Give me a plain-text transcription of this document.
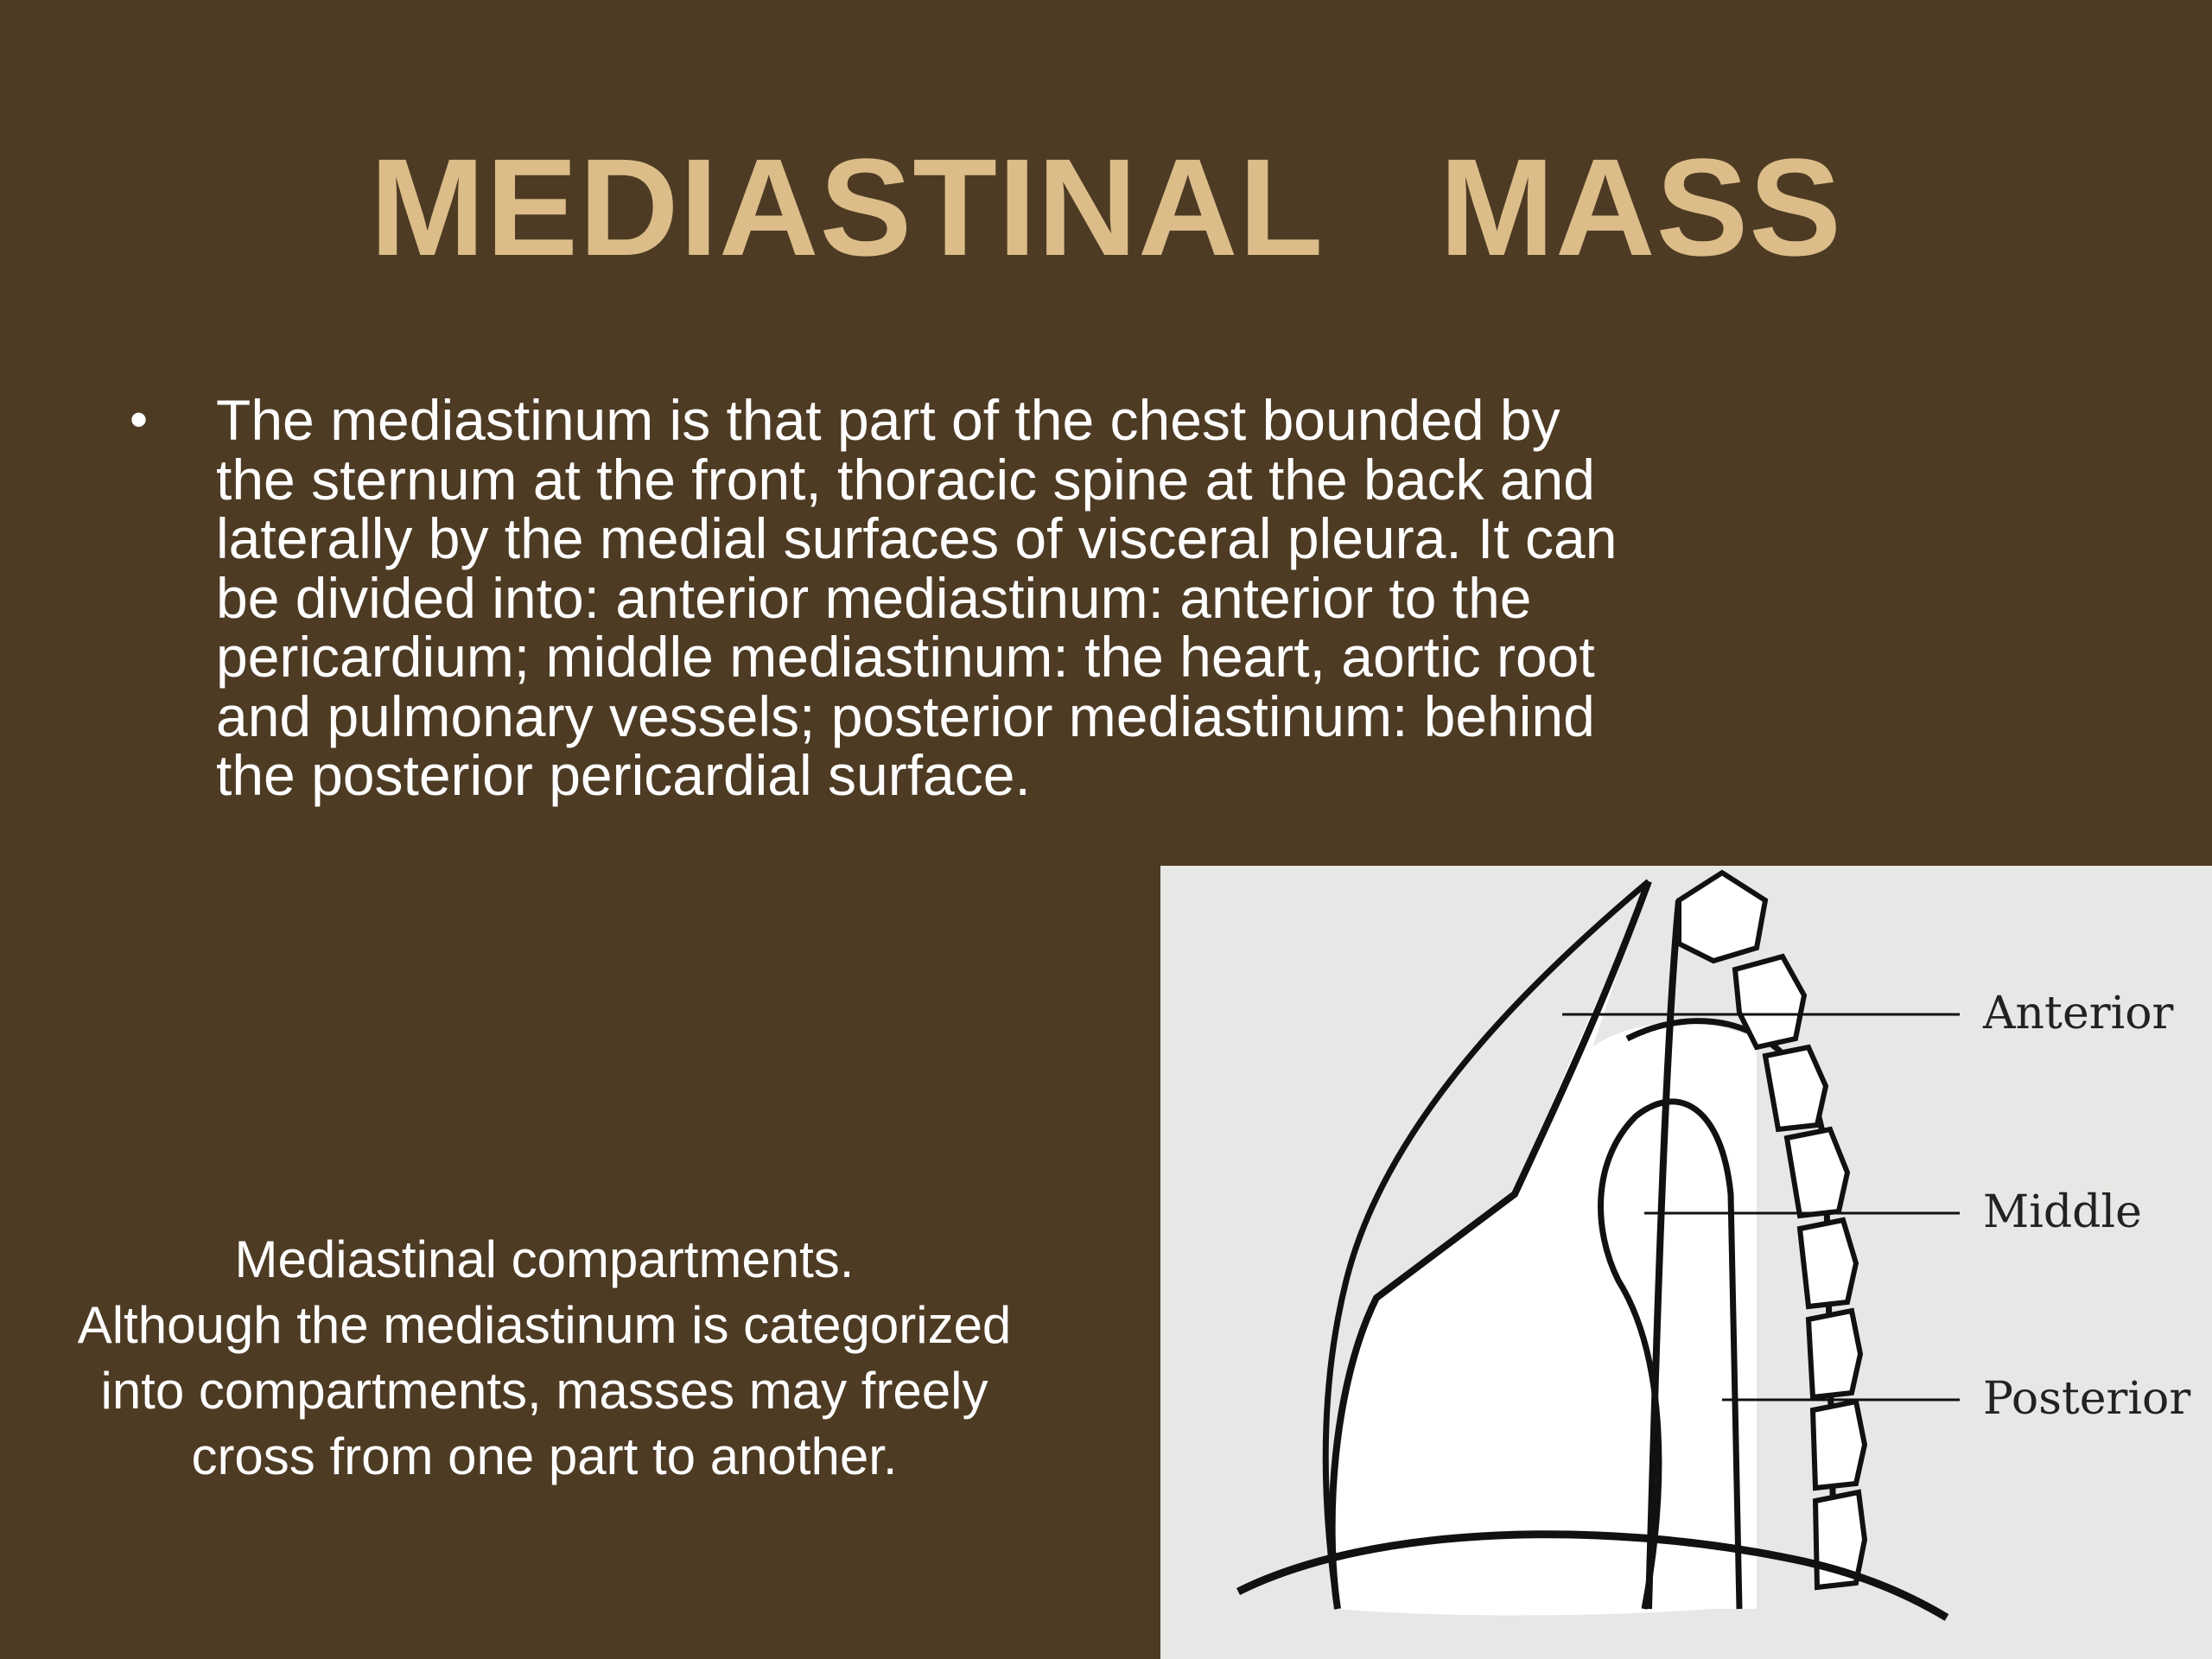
MEDIASTINAL   MASS
•	The mediastinum is that part of the chest bounded by
the sternum at the front, thoracic spine at the back and
laterally by the medial surfaces of visceral pleura. It can
be divided into: anterior mediastinum: anterior to the
pericardium; middle mediastinum: the heart, aortic root
and pulmonary vessels; posterior mediastinum: behind
the posterior pericardial surface.
Mediastinal compartments.
Although the mediastinum is categorized
into compartments, masses may freely
cross from one part to another.
Anterior
Middle
Posterior
